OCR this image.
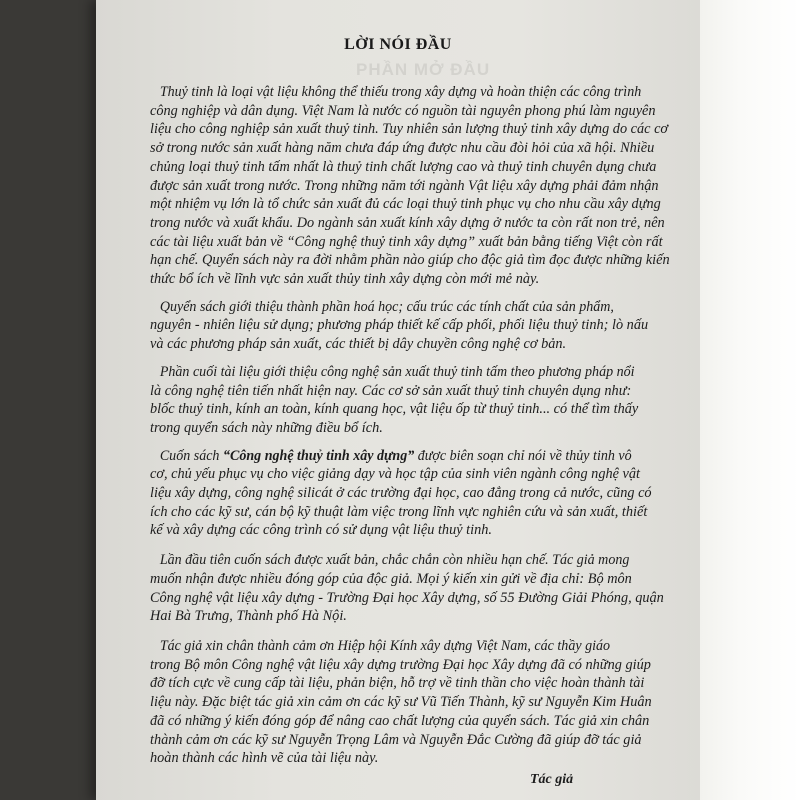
PHẦN MỞ ĐẦU
LỜI NÓI ĐẦU
Thuỷ tinh là loại vật liệu không thể thiếu trong xây dựng và hoàn thiện các công trình
công nghiệp và dân dụng. Việt Nam là nước có nguồn tài nguyên phong phú làm nguyên
liệu cho công nghiệp sản xuất thuỷ tinh. Tuy nhiên sản lượng thuỷ tinh xây dựng do các cơ
sở trong nước sản xuất hàng năm chưa đáp ứng được nhu cầu đòi hỏi của xã hội. Nhiều
chủng loại thuỷ tinh tấm nhất là thuỷ tinh chất lượng cao và thuỷ tinh chuyên dụng chưa
được sản xuất trong nước. Trong những năm tới ngành Vật liệu xây dựng phải đảm nhận
một nhiệm vụ lớn là tổ chức sản xuất đủ các loại thuỷ tinh phục vụ cho nhu cầu xây dựng
trong nước và xuất khẩu. Do ngành sản xuất kính xây dựng ở nước ta còn rất non trẻ, nên
các tài liệu xuất bản về “Công nghệ thuỷ tinh xây dựng” xuất bản bằng tiếng Việt còn rất
hạn chế. Quyển sách này ra đời nhằm phần nào giúp cho độc giả tìm đọc được những kiến
thức bổ ích về lĩnh vực sản xuất thủy tinh xây dựng còn mới mẻ này.
Quyển sách giới thiệu thành phần hoá học; cấu trúc các tính chất của sản phẩm,
nguyên - nhiên liệu sử dụng; phương pháp thiết kế cấp phối, phối liệu thuỷ tinh; lò nấu
và các phương pháp sản xuất, các thiết bị dây chuyền công nghệ cơ bản.
Phần cuối tài liệu giới thiệu công nghệ sản xuất thuỷ tinh tấm theo phương pháp nổi
là công nghệ tiên tiến nhất hiện nay. Các cơ sở sản xuất thuỷ tinh chuyên dụng như:
blốc thuỷ tinh, kính an toàn, kính quang học, vật liệu ốp từ thuỷ tinh... có thể tìm thấy
trong quyển sách này những điều bổ ích.
Cuốn sách “Công nghệ thuỷ tinh xây dựng” được biên soạn chỉ nói về thủy tinh vô
cơ, chủ yếu phục vụ cho việc giảng dạy và học tập của sinh viên ngành công nghệ vật
liệu xây dựng, công nghệ silicát ở các trường đại học, cao đẳng trong cả nước, cũng có
ích cho các kỹ sư, cán bộ kỹ thuật làm việc trong lĩnh vực nghiên cứu và sản xuất, thiết
kế và xây dựng các công trình có sử dụng vật liệu thuỷ tinh.
Lần đầu tiên cuốn sách được xuất bản, chắc chắn còn nhiều hạn chế. Tác giả mong
muốn nhận được nhiều đóng góp của độc giả. Mọi ý kiến xin gửi về địa chỉ: Bộ môn
Công nghệ vật liệu xây dựng - Trường Đại học Xây dựng, số 55 Đường Giải Phóng, quận
Hai Bà Trưng, Thành phố Hà Nội.
Tác giả xin chân thành cảm ơn Hiệp hội Kính xây dựng Việt Nam, các thầy giáo
trong Bộ môn Công nghệ vật liệu xây dựng trường Đại học Xây dựng đã có những giúp
đỡ tích cực về cung cấp tài liệu, phản biện, hỗ trợ về tinh thần cho việc hoàn thành tài
liệu này. Đặc biệt tác giả xin cảm ơn các kỹ sư Vũ Tiến Thành, kỹ sư Nguyễn Kim Huân
đã có những ý kiến đóng góp để nâng cao chất lượng của quyển sách. Tác giả xin chân
thành cảm ơn các kỹ sư Nguyễn Trọng Lâm và Nguyễn Đắc Cường đã giúp đỡ tác giả
hoàn thành các hình vẽ của tài liệu này.
Tác giả
